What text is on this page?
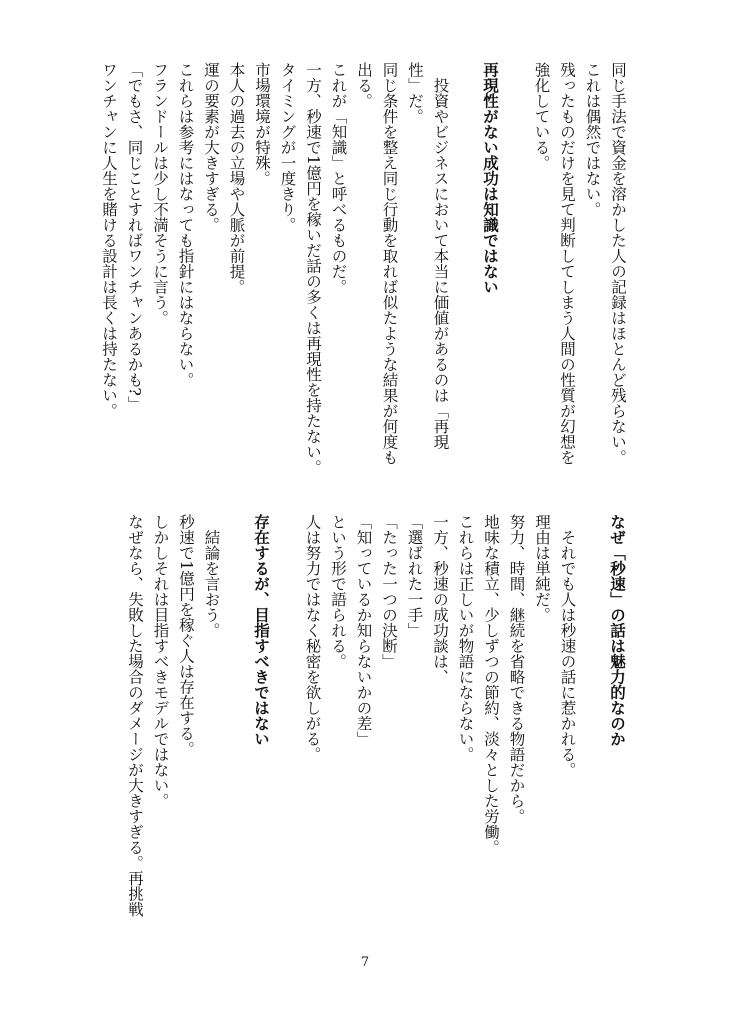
同じ手法で資金を溶かした人の記録はほとんど残らない。
これは偶然ではない。
残ったものだけを見て判断してしまう人間の性質が幻想を
強化している。
再現性がない成功は知識ではない
　投資やビジネスにおいて本当に価値があるのは「再現
性」だ。
同じ条件を整え同じ行動を取れば似たような結果が何度も
出る。
これが「知識」と呼べるものだ。
一方、秒速で1億円を稼いだ話の多くは再現性を持たない。
タイミングが一度きり。
市場環境が特殊。
本人の過去の立場や人脈が前提。
運の要素が大きすぎる。
これらは参考にはなっても指針にはならない。
フランドールは少し不満そうに言う。
「でもさ、同じことすればワンチャンあるかも?」
ワンチャンに人生を賭ける設計は長くは持たない。
なぜ「秒速」の話は魅力的なのか
　それでも人は秒速の話に惹かれる。
理由は単純だ。
努力、時間、継続を省略できる物語だから。
地味な積立、少しずつの節約、淡々とした労働。
これらは正しいが物語にならない。
一方、秒速の成功談は、
「選ばれた一手」
「たった一つの決断」
「知っているか知らないかの差」
という形で語られる。
人は努力ではなく秘密を欲しがる。
存在するが、目指すべきではない
　結論を言おう。
秒速で1億円を稼ぐ人は存在する。
しかしそれは目指すべきモデルではない。
なぜなら、失敗した場合のダメージが大きすぎる。再挑戦
7
